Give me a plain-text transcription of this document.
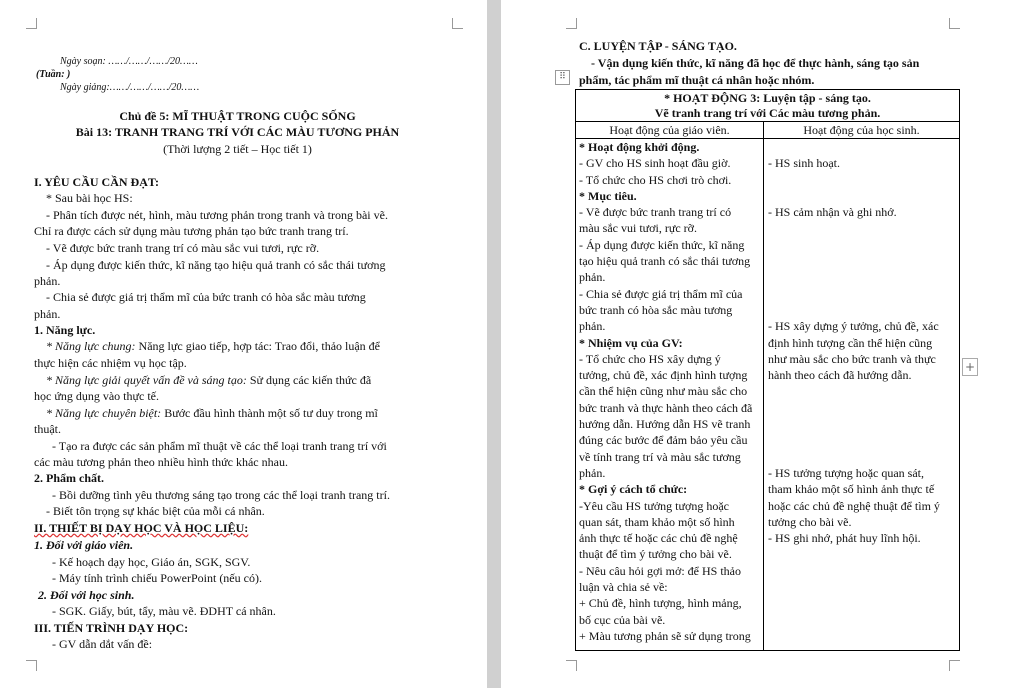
Ngày soạn: ……/……/……/20……
(Tuần: )
Ngày giảng:……/……/……/20……
Chủ đề 5: MĨ THUẬT TRONG CUỘC SỐNG
Bài 13: TRANH TRANG TRÍ VỚI CÁC MÀU TƯƠNG PHẢN
(Thời lượng 2 tiết – Học tiết 1)
I. YÊU CẦU CẦN ĐẠT:
* Sau bài học HS:
- Phân tích được nét, hình, màu tương phản trong tranh và trong bài vẽ.
Chỉ ra được cách sử dụng màu tương phản tạo bức tranh trang trí.
- Vẽ được bức tranh trang trí có màu sắc vui tươi, rực rỡ.
- Áp dụng được kiến thức, kĩ năng tạo hiệu quả tranh có sắc thái tương
phản.
- Chia sẻ được giá trị thẩm mĩ của bức tranh có hòa sắc màu tương
phản.
1. Năng lực.
* Năng lực chung: Năng lực giao tiếp, hợp tác: Trao đổi, thảo luận để
thực hiện các nhiệm vụ học tập.
* Năng lực giải quyết vấn đề và sáng tạo: Sử dụng các kiến thức đã
học ứng dụng vào thực tế.
* Năng lực chuyên biệt: Bước đầu hình thành một số tư duy trong mĩ
thuật.
- Tạo ra được các sản phẩm mĩ thuật về các thể loại tranh trang trí với
các màu tương phản theo nhiều hình thức khác nhau.
2. Phẩm chất.
- Bồi dưỡng tình yêu thương sáng tạo trong các thể loại tranh trang trí.
- Biết tôn trọng sự khác biệt của mỗi cá nhân.
II. THIẾT BỊ DẠY HỌC VÀ HỌC LIỆU:
1. Đối với giáo viên.
- Kế hoạch dạy học, Giáo án, SGK, SGV.
- Máy tính trình chiếu PowerPoint (nếu có).
2. Đối với học sinh.
- SGK. Giấy, bút, tẩy, màu vẽ. ĐDHT cá nhân.
III. TIẾN TRÌNH DẠY HỌC:
- GV dẫn dắt vấn đề:
C. LUYỆN TẬP - SÁNG TẠO.
- Vận dụng kiến thức, kĩ năng đã học để thực hành, sáng tạo sản
phẩm, tác phẩm mĩ thuật cá nhân hoặc nhóm.
⠿
* HOẠT ĐỘNG 3: Luyện tập - sáng tạo.
Vẽ tranh trang trí với Các màu tương phản.
Hoạt động của giáo viên.	Hoạt động của học sinh.
* Hoạt động khởi động.
- GV cho HS sinh hoạt đầu giờ.
- Tổ chức cho HS chơi trò chơi.
* Mục tiêu.
- Vẽ được bức tranh trang trí có
màu sắc vui tươi, rực rỡ.
- Áp dụng được kiến thức, kĩ năng
tạo hiệu quả tranh có sắc thái tương
phản.
- Chia sẻ được giá trị thẩm mĩ của
bức tranh có hòa sắc màu tương
phản.
* Nhiệm vụ của GV:
- Tổ chức cho HS xây dựng ý
tưởng, chủ đề, xác định hình tượng
cần thể hiện cũng như màu sắc cho
bức tranh và thực hành theo cách đã
hướng dẫn. Hướng dẫn HS vẽ tranh
đúng các bước để đảm bảo yêu cầu
về tính trang trí và màu sắc tương
phản.
* Gợi ý cách tổ chức:
-Yêu cầu HS tưởng tượng hoặc
quan sát, tham khảo một số hình
ảnh thực tế hoặc các chủ đề nghệ
thuật để tìm ý tưởng cho bài vẽ.
- Nêu câu hỏi gợi mở: để HS thảo
luận và chia sẻ về:
+ Chủ đề, hình tượng, hình mảng,
bố cục của bài vẽ.
+ Màu tương phản sẽ sử dụng trong
- HS sinh hoạt.
- HS cảm nhận và ghi nhớ.
- HS xây dựng ý tưởng, chủ đề, xác
định hình tượng cần thể hiện cũng
như màu sắc cho bức tranh và thực
hành theo cách đã hướng dẫn.
- HS tưởng tượng hoặc quan sát,
tham khảo một số hình ảnh thực tế
hoặc các chủ đề nghệ thuật để tìm ý
tưởng cho bài vẽ.
- HS ghi nhớ, phát huy lĩnh hội.
+
